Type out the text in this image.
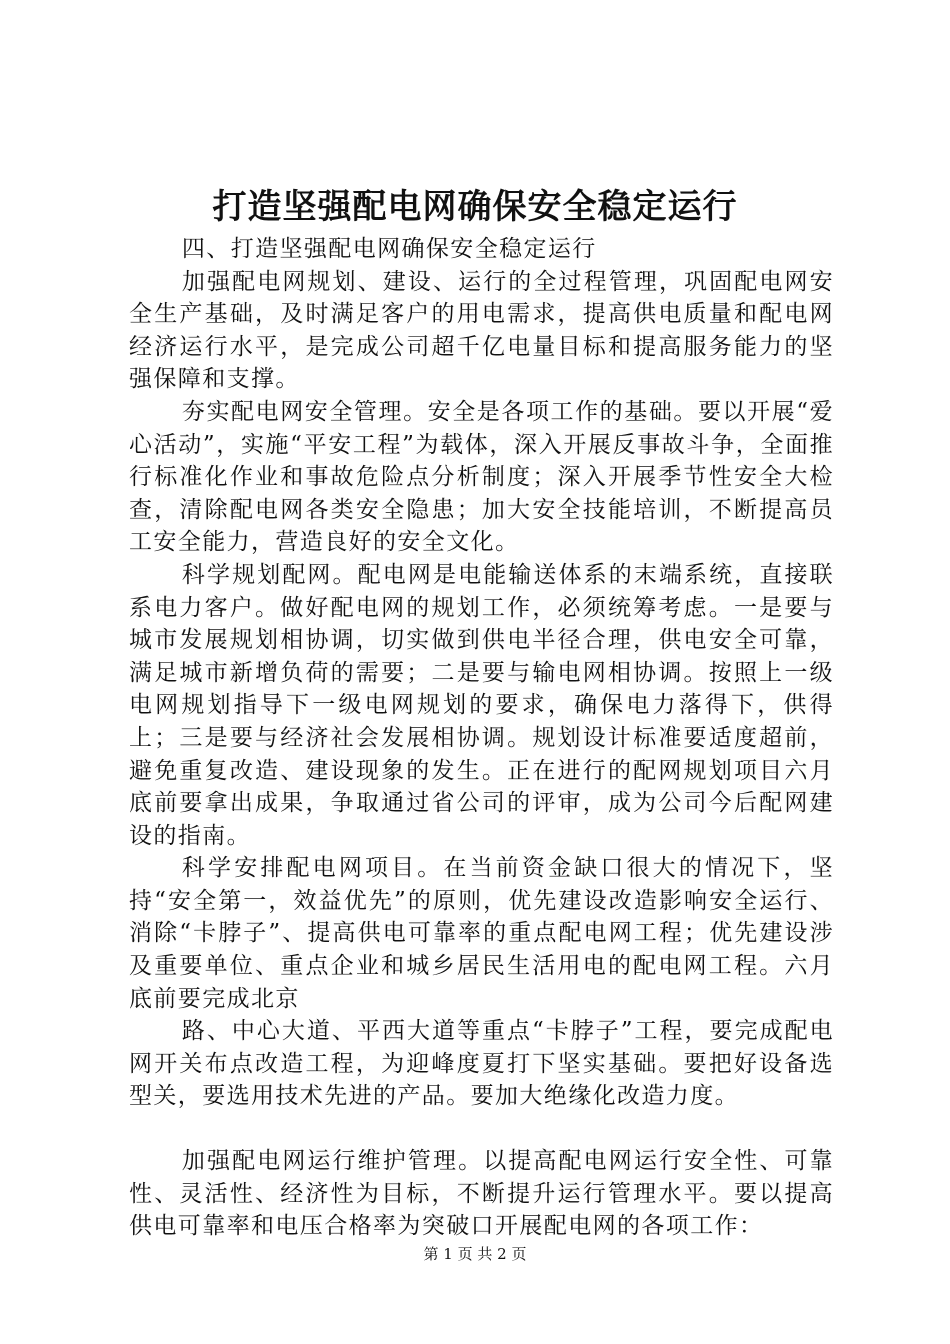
打造坚强配电网确保安全稳定运行

四、打造坚强配电网确保安全稳定运行

加强配电网规划、建设、运行的全过程管理，巩固配电网安全生产基础，及时满足客户的用电需求，提高供电质量和配电网经济运行水平，是完成公司超千亿电量目标和提高服务能力的坚强保障和支撑。

夯实配电网安全管理。安全是各项工作的基础。要以开展“爱心活动”，实施“平安工程”为载体，深入开展反事故斗争，全面推行标准化作业和事故危险点分析制度；深入开展季节性安全大检查，清除配电网各类安全隐患；加大安全技能培训，不断提高员工安全能力，营造良好的安全文化。

科学规划配网。配电网是电能输送体系的末端系统，直接联系电力客户。做好配电网的规划工作，必须统筹考虑。一是要与城市发展规划相协调，切实做到供电半径合理，供电安全可靠，满足城市新增负荷的需要；二是要与输电网相协调。按照上一级电网规划指导下一级电网规划的要求，确保电力落得下，供得上；三是要与经济社会发展相协调。规划设计标准要适度超前，避免重复改造、建设现象的发生。正在进行的配网规划项目六月底前要拿出成果，争取通过省公司的评审，成为公司今后配网建设的指南。

科学安排配电网项目。在当前资金缺口很大的情况下，坚持“安全第一，效益优先”的原则，优先建设改造影响安全运行、消除“卡脖子”、提高供电可靠率的重点配电网工程；优先建设涉及重要单位、重点企业和城乡居民生活用电的配电网工程。六月底前要完成北京

路、中心大道、平西大道等重点“卡脖子”工程，要完成配电网开关布点改造工程，为迎峰度夏打下坚实基础。要把好设备选型关，要选用技术先进的产品。要加大绝缘化改造力度。

加强配电网运行维护管理。以提高配电网运行安全性、可靠性、灵活性、经济性为目标，不断提升运行管理水平。要以提高供电可靠率和电压合格率为突破口开展配电网的各项工作：

第 1 页 共 2 页
